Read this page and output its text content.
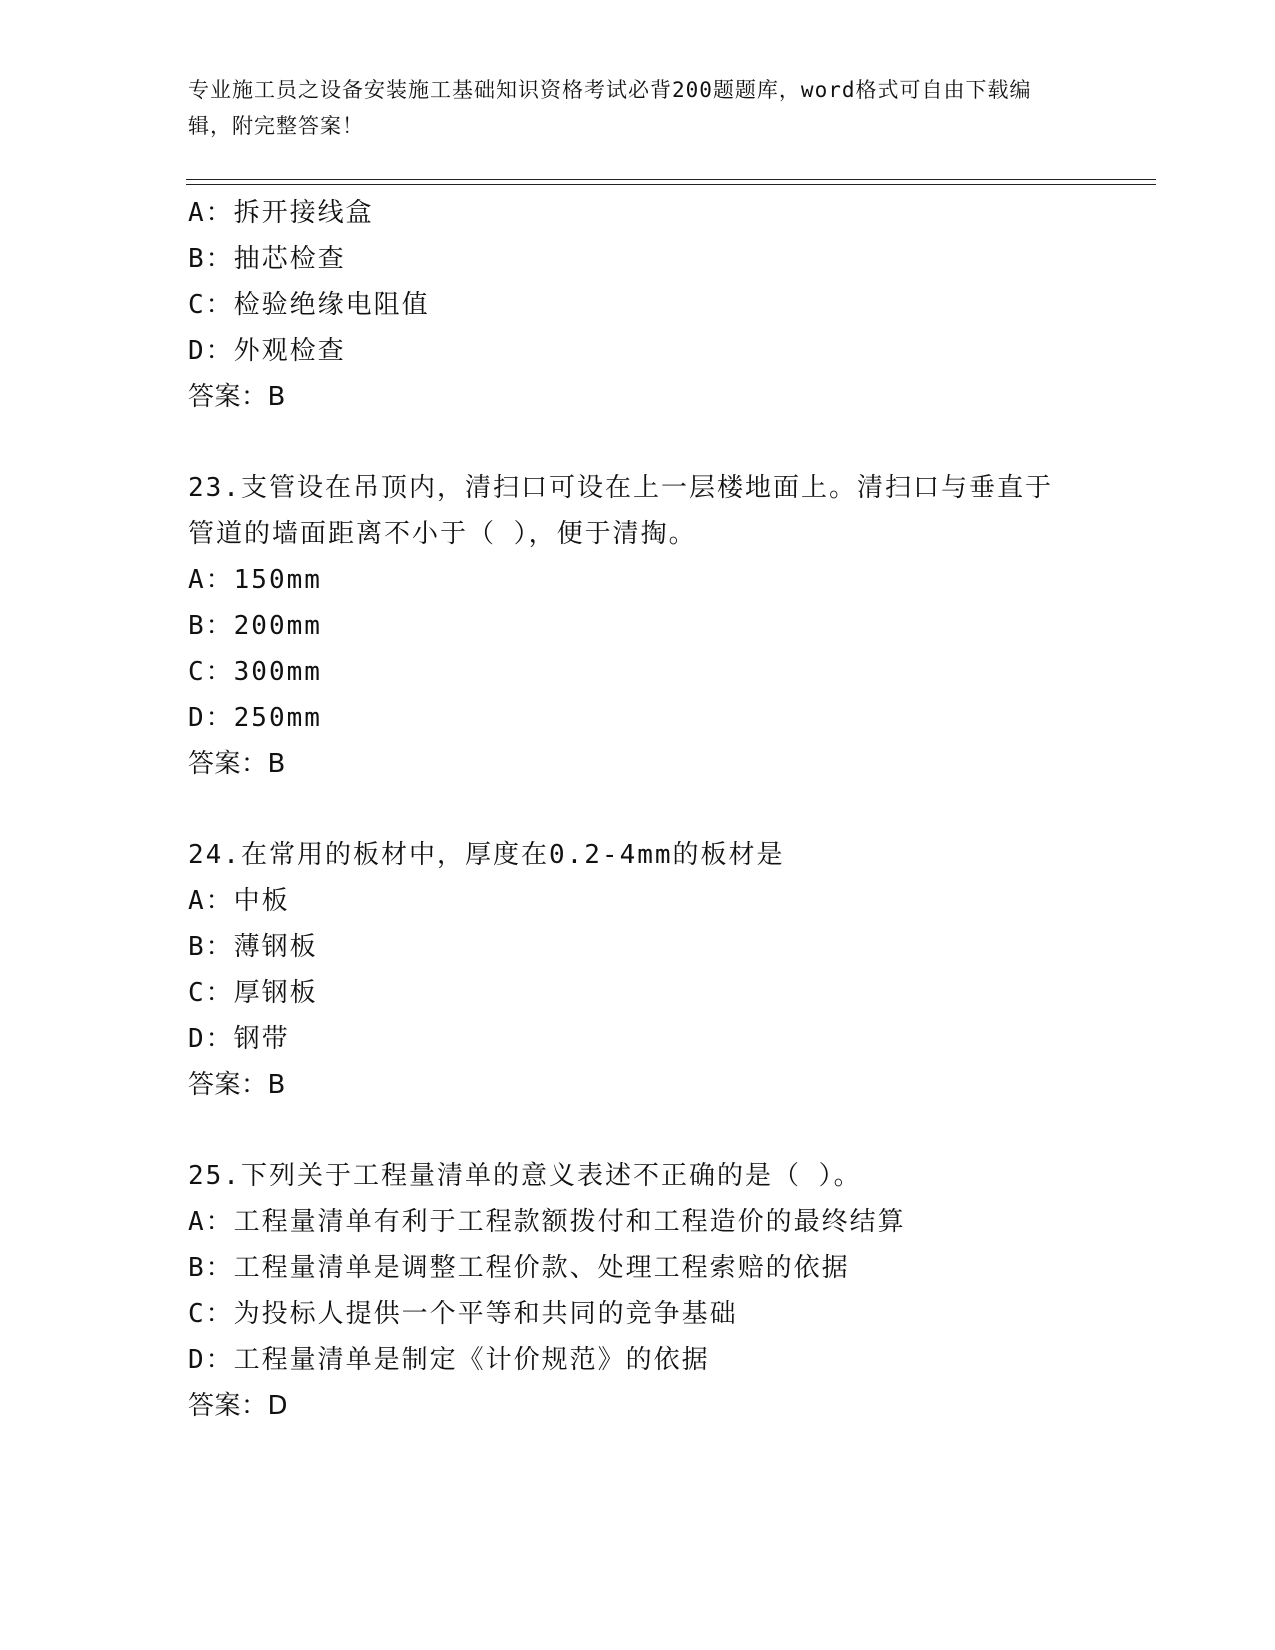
专业施工员之设备安装施工基础知识资格考试必背200题题库，word格式可自由下载编辑，附完整答案！
A：拆开接线盒
B：抽芯检查
C：检验绝缘电阻值
D：外观检查
答案：B
23.支管设在吊顶内，清扫口可设在上一层楼地面上。清扫口与垂直于
管道的墙面距离不小于（ ），便于清掏。
A：150mm
B：200mm
C：300mm
D：250mm
答案：B
24.在常用的板材中，厚度在0.2-4mm的板材是
A：中板
B：薄钢板
C：厚钢板
D：钢带
答案：B
25.下列关于工程量清单的意义表述不正确的是（ ）。
A：工程量清单有利于工程款额拨付和工程造价的最终结算
B：工程量清单是调整工程价款、处理工程索赔的依据
C：为投标人提供一个平等和共同的竞争基础
D：工程量清单是制定《计价规范》的依据
答案：D
